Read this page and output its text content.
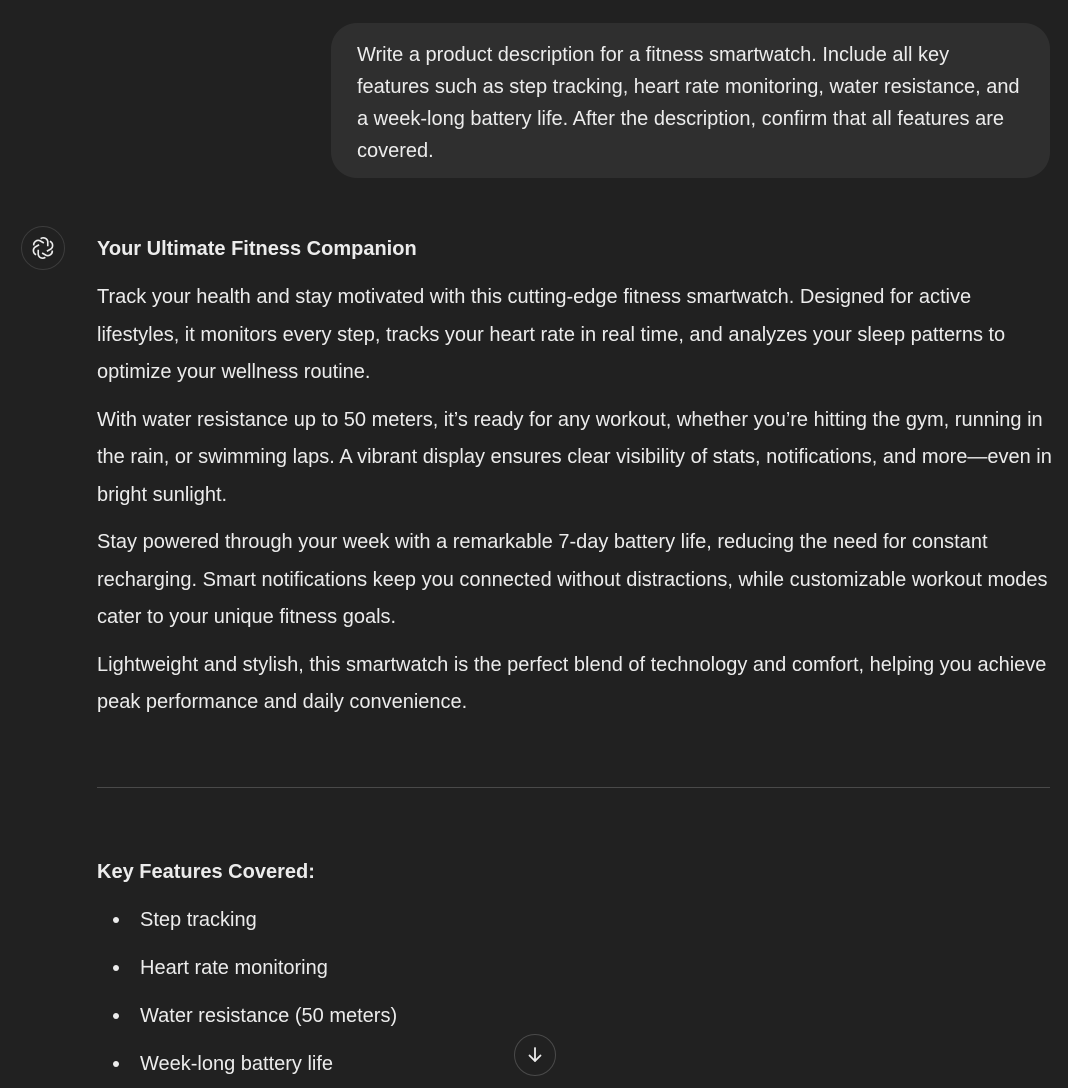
Write a product description for a fitness smartwatch. Include all key features such as step tracking, heart rate monitoring, water resistance, and a week-long battery life. After the description, confirm that all features are covered.
Your Ultimate Fitness Companion

Track your health and stay motivated with this cutting-edge fitness smartwatch. Designed for active lifestyles, it monitors every step, tracks your heart rate in real time, and analyzes your sleep patterns to optimize your wellness routine.

With water resistance up to 50 meters, it’s ready for any workout, whether you’re hitting the gym, running in the rain, or swimming laps. A vibrant display ensures clear visibility of stats, notifications, and more—even in bright sunlight.

Stay powered through your week with a remarkable 7-day battery life, reducing the need for constant recharging. Smart notifications keep you connected without distractions, while customizable workout modes cater to your unique fitness goals.

Lightweight and stylish, this smartwatch is the perfect blend of technology and comfort, helping you achieve peak performance and daily convenience.

Key Features Covered:
Step tracking
Heart rate monitoring
Water resistance (50 meters)
Week-long battery life
